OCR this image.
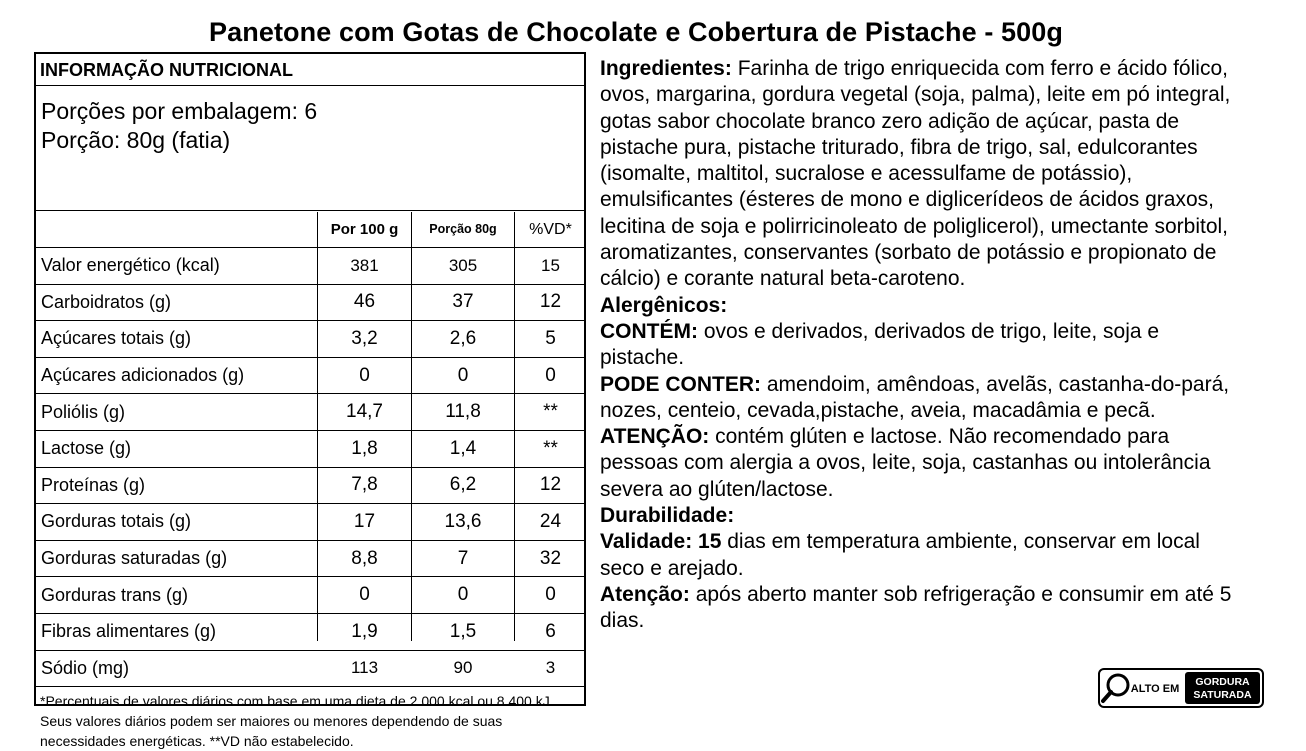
Panetone com Gotas de Chocolate e Cobertura de Pistache - 500g
INFORMAÇÃO NUTRICIONAL
Porções por embalagem: 6
Porção: 80g (fatia)
Por 100 g	Porção 80g	%VD*
Valor energético (kcal)	381	305	15
Carboidratos (g)	46	37	12
Açúcares totais (g)	3,2	2,6	5
Açúcares adicionados (g)	0	0	0
Poliólis (g)	14,7	11,8	**
Lactose (g)	1,8	1,4	**
Proteínas (g)	7,8	6,2	12
Gorduras totais (g)	17	13,6	24
Gorduras saturadas (g)	8,8	7	32
Gorduras trans (g)	0	0	0
Fibras alimentares (g)	1,9	1,5	6
Sódio (mg)	113	90	3
*Percentuais de valores diários com base em uma dieta de 2.000 kcal ou 8.400 kJ. Seus valores diários podem ser maiores ou menores dependendo de suas necessidades energéticas. **VD não estabelecido.

Ingredientes: Farinha de trigo enriquecida com ferro e ácido fólico, ovos, margarina, gordura vegetal (soja, palma), leite em pó integral, gotas sabor chocolate branco zero adição de açúcar, pasta de pistache pura, pistache triturado, fibra de trigo, sal, edulcorantes (isomalte, maltitol, sucralose e acessulfame de potássio), emulsificantes (ésteres de mono e diglicerídeos de ácidos graxos, lecitina de soja e polirricinoleato de poliglicerol), umectante sorbitol, aromatizantes, conservantes (sorbato de potássio e propionato de cálcio) e corante natural beta-caroteno.

Alergênicos:

CONTÉM: ovos e derivados, derivados de trigo, leite, soja e pistache.

PODE CONTER: amendoim, amêndoas, avelãs, castanha-do-pará, nozes, centeio, cevada,pistache, aveia, macadâmia e pecã.

ATENÇÃO: contém glúten e lactose. Não recomendado para pessoas com alergia a ovos, leite, soja, castanhas ou intolerância severa ao glúten/lactose.

Durabilidade:

Validade: 15 dias em temperatura ambiente, conservar em local seco e arejado.

Atenção: após aberto manter sob refrigeração e consumir em até 5 dias.

ALTO EM
GORDURA
SATURADA
